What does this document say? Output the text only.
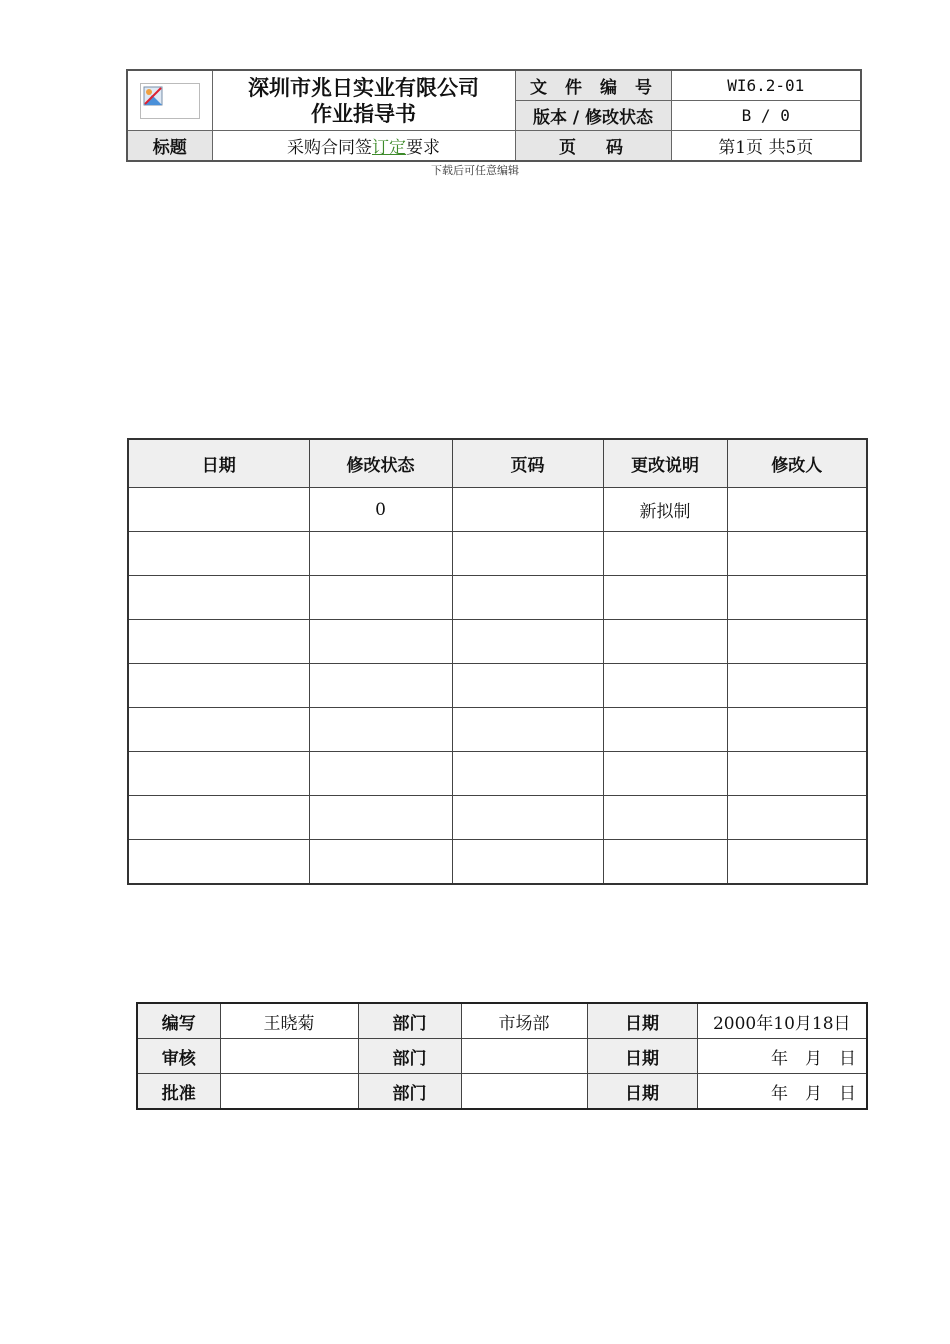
深圳市兆日实业有限公司
作业指导书	文件编号	WI6.2-01
		版本 / 修改状态	B / 0
标题	采购合同签订定要求	页码	第1页 共5页
下载后可任意编辑
日期	修改状态	页码	更改说明	修改人
	0		新拟制	

编写	王晓菊	部门	市场部	日期	2000年10月18日
审核		部门		日期	年　月　日
批准		部门		日期	年　月　日
